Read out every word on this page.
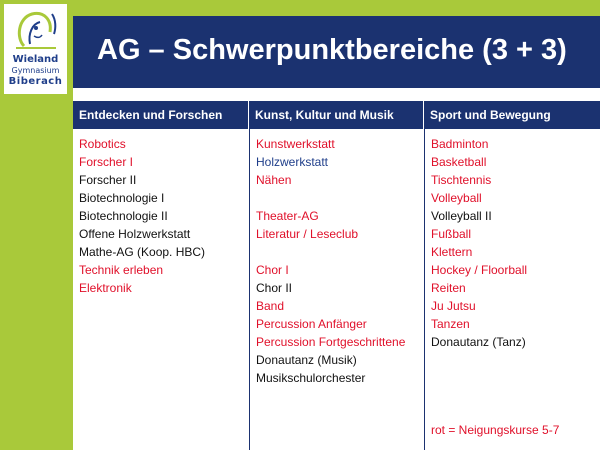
Wieland
Gymnasium
Biberach
AG – Schwerpunktbereiche (3 + 3)
Entdecken und Forschen	Kunst, Kultur und Musik	Sport und Bewegung
Robotics
Forscher I
Forscher II
Biotechnologie I
Biotechnologie II
Offene Holzwerkstatt
Mathe-AG (Koop. HBC)
Technik erleben
Elektronik
Kunstwerkstatt
Holzwerkstatt
Nähen
Theater-AG
Literatur / Leseclub
Chor I
Chor II
Band
Percussion Anfänger
Percussion Fortgeschrittene
Donautanz (Musik)
Musikschulorchester
Badminton
Basketball
Tischtennis
Volleyball
Volleyball II
Fußball
Klettern
Hockey / Floorball
Reiten
Ju Jutsu
Tanzen
Donautanz (Tanz)
rot = Neigungskurse 5-7
